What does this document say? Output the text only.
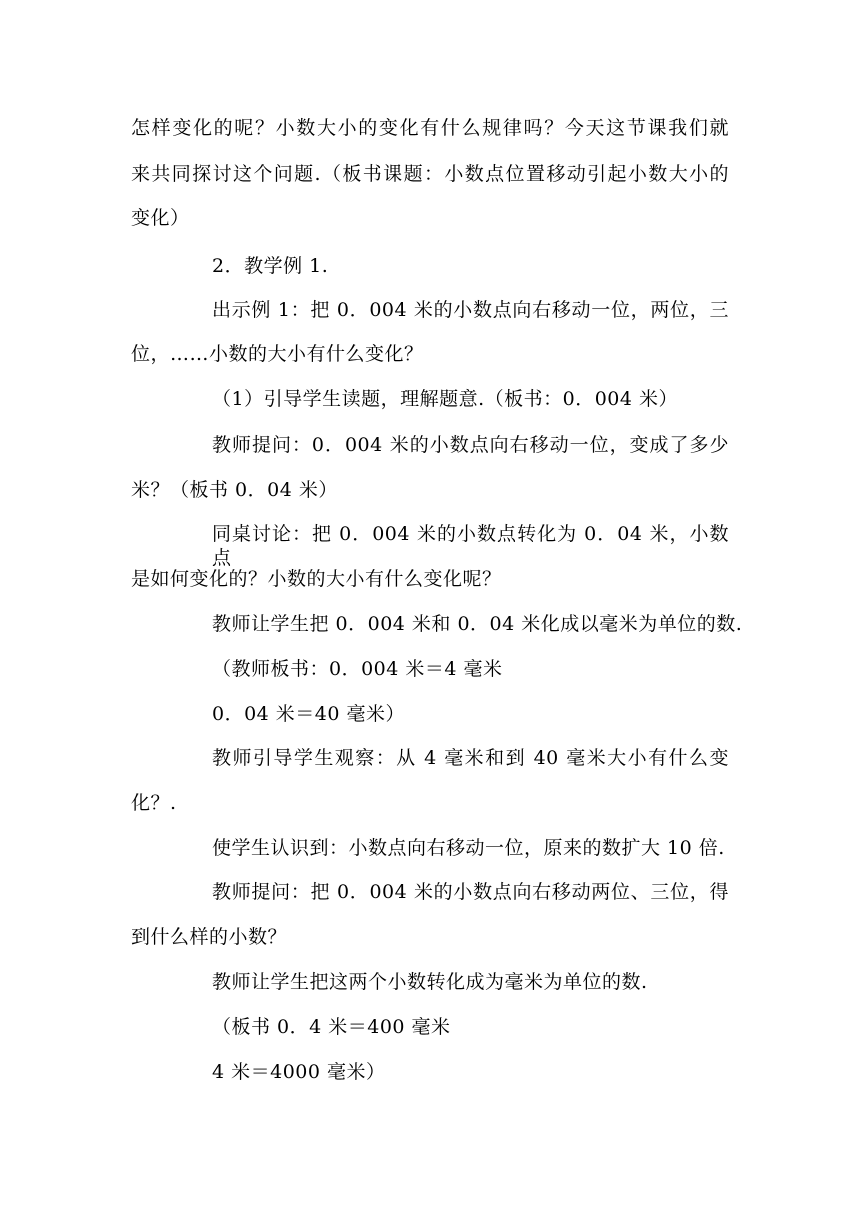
怎样变化的呢？小数大小的变化有什么规律吗？今天这节课我们就
来共同探讨这个问题.（板书课题：小数点位置移动引起小数大小的
变化）
2．教学例 1.
出示例 1：把 0．004 米的小数点向右移动一位，两位，三
位，……小数的大小有什么变化？
（1）引导学生读题，理解题意.（板书：0．004 米）
教师提问：0．004 米的小数点向右移动一位，变成了多少
米？（板书 0．04 米）
同桌讨论：把 0．004 米的小数点转化为 0．04 米，小数点
是如何变化的？小数的大小有什么变化呢？
教师让学生把 0．004 米和 0．04 米化成以毫米为单位的数.
（教师板书：0．004 米＝4 毫米
0．04 米＝40 毫米）
教师引导学生观察：从 4 毫米和到 40 毫米大小有什么变
化？.
使学生认识到：小数点向右移动一位，原来的数扩大 10 倍.
教师提问：把 0．004 米的小数点向右移动两位、三位，得
到什么样的小数？
教师让学生把这两个小数转化成为毫米为单位的数.
（板书 0．4 米＝400 毫米
4 米＝4000 毫米）
